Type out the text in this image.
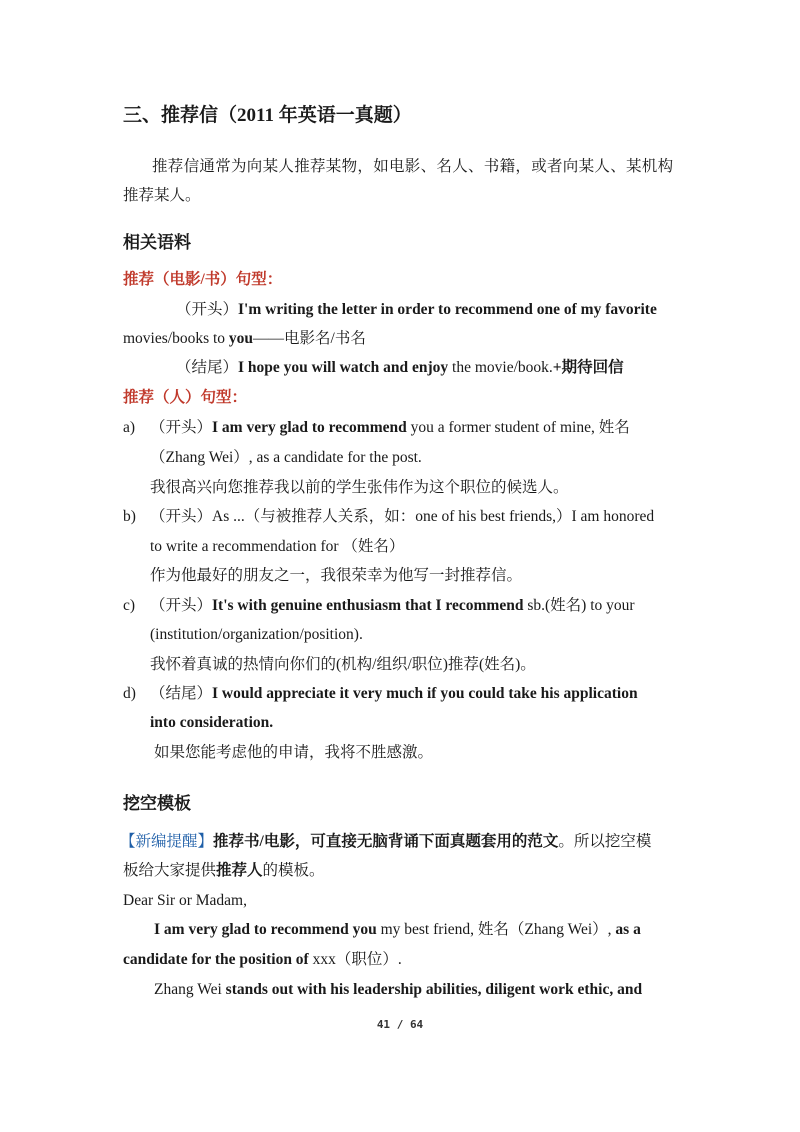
三、推荐信（2011 年英语一真题）
推荐信通常为向某人推荐某物，如电影、名人、书籍，或者向某人、某机构
推荐某人。
相关语料
推荐（电影/书）句型：
（开头）I'm writing the letter in order to recommend one of my favorite
movies/books to you——电影名/书名
（结尾）I hope you will watch and enjoy the movie/book.+期待回信
推荐（人）句型：
a) （开头）I am very glad to recommend you a former student of mine, 姓名
（Zhang Wei）, as a candidate for the post.
我很高兴向您推荐我以前的学生张伟作为这个职位的候选人。
b) （开头）As ...（与被推荐人关系，如：one of his best friends,）I am honored
to write a recommendation for （姓名）
作为他最好的朋友之一，我很荣幸为他写一封推荐信。
c) （开头）It's with genuine enthusiasm that I recommend sb.(姓名) to your
(institution/organization/position).
我怀着真诚的热情向你们的(机构/组织/职位)推荐(姓名)。
d) （结尾）I would appreciate it very much if you could take his application
into consideration.
如果您能考虑他的申请，我将不胜感激。
挖空模板
【新编提醒】推荐书/电影，可直接无脑背诵下面真题套用的范文。所以挖空模
板给大家提供推荐人的模板。
Dear Sir or Madam,
I am very glad to recommend you my best friend, 姓名（Zhang Wei）, as a
candidate for the position of xxx（职位）.
Zhang Wei stands out with his leadership abilities, diligent work ethic, and
41 / 64
